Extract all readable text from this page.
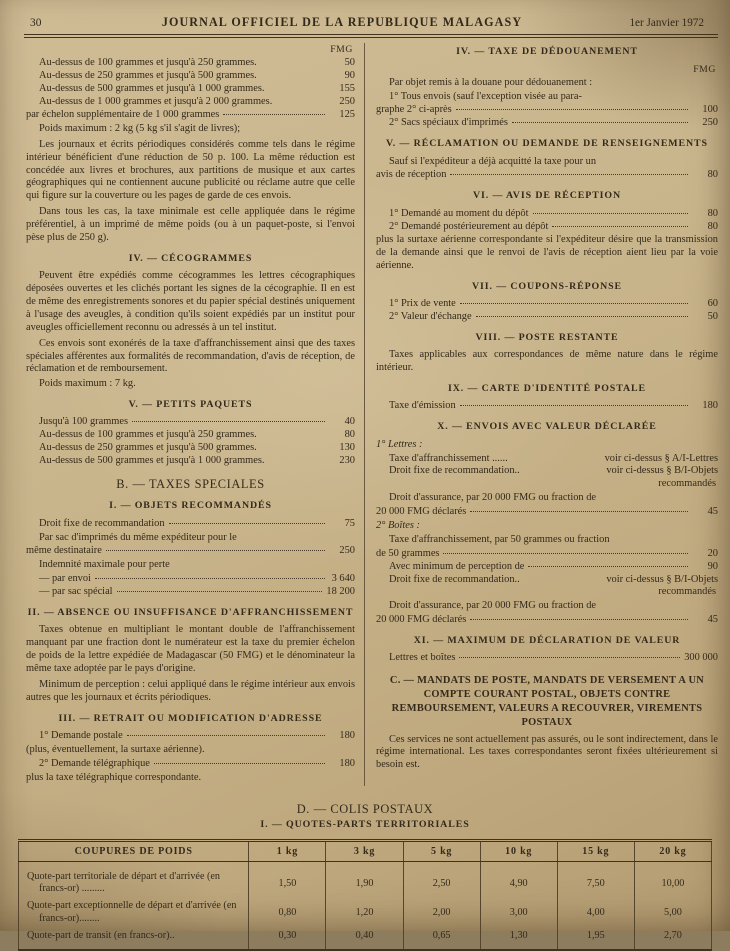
30	JOURNAL OFFICIEL DE LA REPUBLIQUE MALAGASY	1er Janvier 1972
FMG
Au-dessus de 100 grammes et jusqu'à 250 grammes.	50
Au-dessus de 250 grammes et jusqu'à 500 grammes.	90
Au-dessus de 500 grammes et jusqu'à 1 000 grammes.	155
Au-dessus de 1 000 grammes et jusqu'à 2 000 grammes.	250
par échelon supplémentaire de 1 000 grammes	125
Poids maximum : 2 kg (5 kg s'il s'agit de livres);
Les journaux et écrits périodiques considérés comme tels dans le régime intérieur bénéficient d'une réduction de 50 p. 100. La même réduction est concédée aux livres et brochures, aux partitions de musique et aux cartes géographiques qui ne contiennent aucune publicité ou réclame autre que celle qui figure sur la couverture ou les pages de garde de ces envois.
Dans tous les cas, la taxe minimale est celle appliquée dans le régime préférentiel, à un imprimé de même poids (ou à un paquet-poste, si l'envoi pèse plus de 250 g).
IV. — CÉCOGRAMMES
Peuvent être expédiés comme cécogrammes les lettres cécographiques déposées ouvertes et les clichés portant les signes de la cécographie. Il en est de même des enregistrements sonores et du papier spécial destinés uniquement à l'usage des aveugles, à condition qu'ils soient expédiés par un institut pour aveugles officiellement reconnu ou adressés à un tel institut.
Ces envois sont exonérés de la taxe d'affranchissement ainsi que des taxes spéciales afférentes aux formalités de recommandation, d'avis de réception, de réclamation et de remboursement.
Poids maximum : 7 kg.
V. — PETITS PAQUETS
Jusqu'à 100 grammes	40
Au-dessus de 100 grammes et jusqu'à 250 grammes.	80
Au-dessus de 250 grammes et jusqu'à 500 grammes.	130
Au-dessus de 500 grammes et jusqu'à 1 000 grammes.	230
B. — TAXES SPECIALES
I. — OBJETS RECOMMANDÉS
Droit fixe de recommandation	75
Par sac d'imprimés du même expéditeur pour le
même destinataire	250
Indemnité maximale pour perte
— par envoi	3 640
— par sac spécial	18 200
II. — ABSENCE OU INSUFFISANCE D'AFFRANCHISSEMENT
Taxes obtenue en multipliant le montant double de l'affranchissement manquant par une fraction dont le numérateur est la taxe du premier échelon de poids de la lettre expédiée de Madagascar (50 FMG) et le dénominateur la même taxe adoptée par le pays d'origine.
Minimum de perception : celui appliqué dans le régime intérieur aux envois autres que les journaux et écrits périodiques.
III. — RETRAIT OU MODIFICATION D'ADRESSE
1° Demande postale	180
(plus, éventuellement, la surtaxe aérienne).
2° Demande télégraphique	180
plus la taxe télégraphique correspondante.
IV. — TAXE DE DÉDOUANEMENT
FMG
Par objet remis à la douane pour dédouanement :
1° Tous envois (sauf l'exception visée au para-
graphe 2° ci-après	100
2° Sacs spéciaux d'imprimés	250
V. — RÉCLAMATION OU DEMANDE DE RENSEIGNEMENTS
Sauf si l'expéditeur a déjà acquitté la taxe pour un
avis de réception	80
VI. — AVIS DE RÉCEPTION
1° Demandé au moment du dépôt	80
2° Demandé postérieurement au dépôt	80
plus la surtaxe aérienne correspondante si l'expéditeur désire que la transmission de la demande ainsi que le renvoi de l'avis de réception aient lieu par la voie aérienne.
VII. — COUPONS-RÉPONSE
1° Prix de vente	60
2° Valeur d'échange	50
VIII. — POSTE RESTANTE
Taxes applicables aux correspondances de même nature dans le régime intérieur.
IX. — CARTE D'IDENTITÉ POSTALE
Taxe d'émission	180
X. — ENVOIS AVEC VALEUR DÉCLARÉE
1° Lettres :
Taxe d'affranchissement ......	voir ci-dessus § A/I-Lettres
Droit fixe de recommandation..	voir ci-dessus § B/I-Objets
recommandés
Droit d'assurance, par 20 000 FMG ou fraction de
20 000 FMG déclarés	45
2° Boîtes :
Taxe d'affranchissement, par 50 grammes ou fraction
de 50 grammes	20
Avec minimum de perception de	90
Droit fixe de recommandation..	voir ci-dessus § B/I-Objets
recommandés
Droit d'assurance, par 20 000 FMG ou fraction de
20 000 FMG déclarés	45
XI. — MAXIMUM DE DÉCLARATION DE VALEUR
Lettres et boîtes	300 000
C. — MANDATS DE POSTE, MANDATS DE VERSEMENT A UN COMPTE COURANT POSTAL, OBJETS CONTRE REMBOURSEMENT, VALEURS A RECOUVRER, VIREMENTS POSTAUX
Ces services ne sont actuellement pas assurés, ou le sont indirectement, dans le régime international. Les taxes correspondantes seront fixées ultérieurement si besoin est.
D. — COLIS POSTAUX
I. — QUOTES-PARTS TERRITORIALES
COUPURES DE POIDS	1 kg	3 kg	5 kg	10 kg	15 kg	20 kg
Quote-part territoriale de départ et d'arrivée (en francs-or) .........	1,50	1,90	2,50	4,90	7,50	10,00
Quote-part exceptionnelle de départ et d'arrivée (en francs-or)........	0,80	1,20	2,00	3,00	4,00	5,00
Quote-part de transit (en francs-or)..	0,30	0,40	0,65	1,30	1,95	2,70
